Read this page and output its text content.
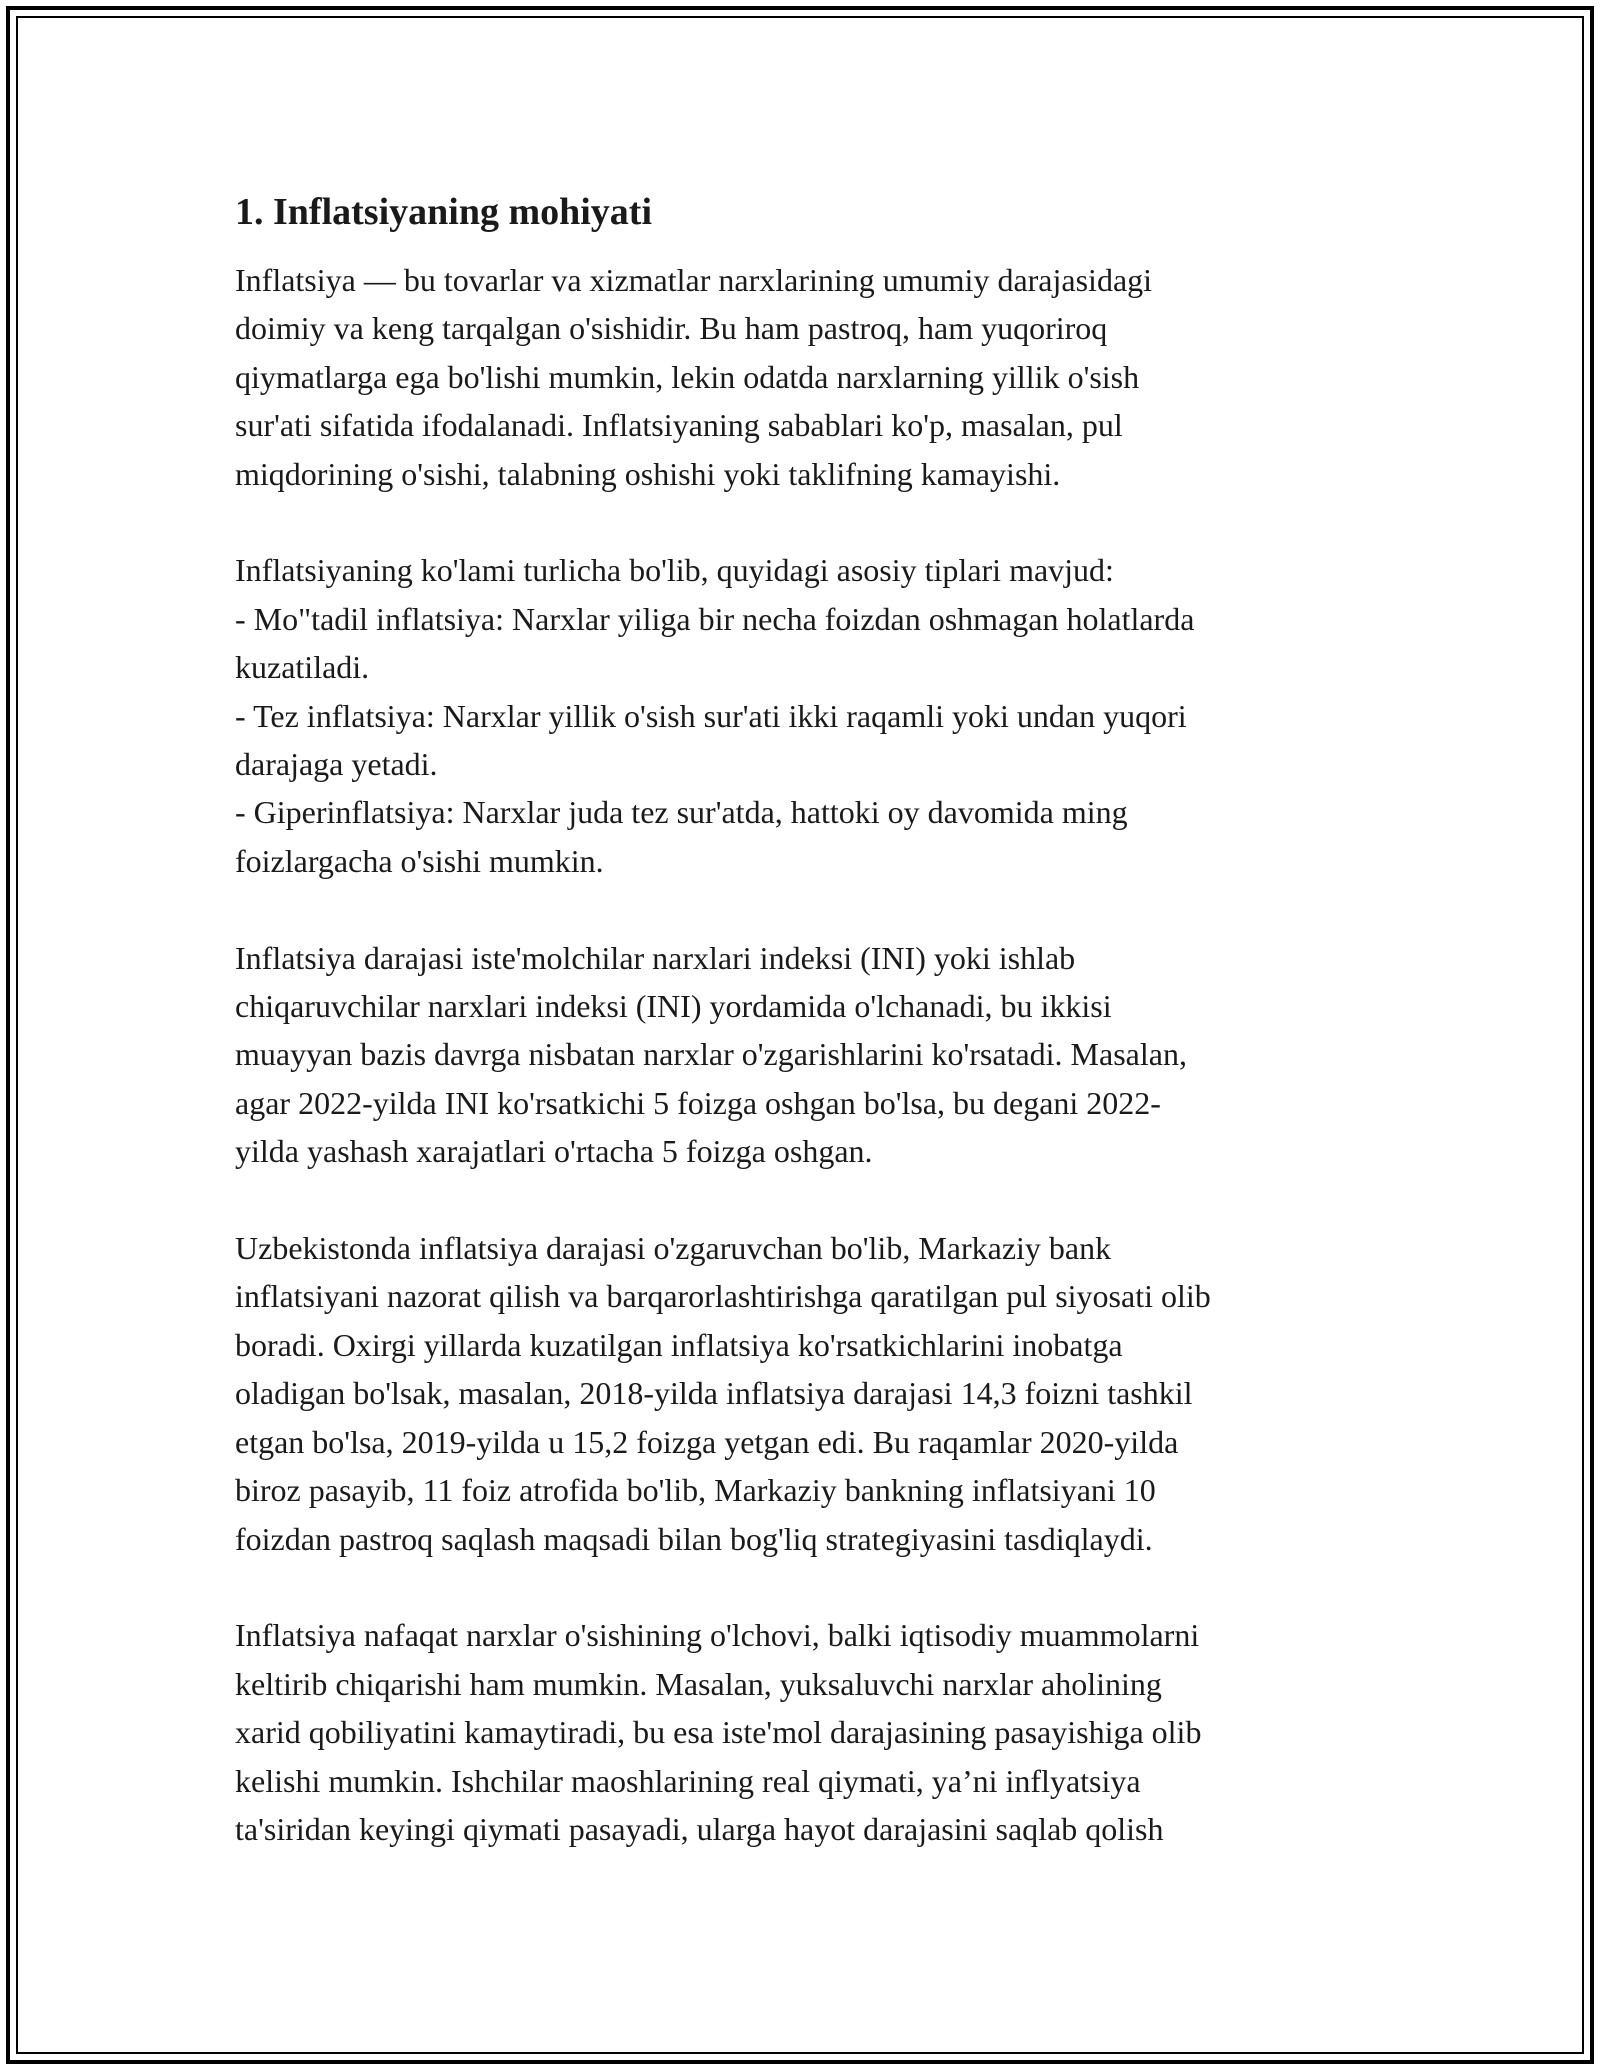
1. Inflatsiyaning mohiyati

Inflatsiya — bu tovarlar va xizmatlar narxlarining umumiy darajasidagi
doimiy va keng tarqalgan o'sishidir. Bu ham pastroq, ham yuqoriroq
qiymatlarga ega bo'lishi mumkin, lekin odatda narxlarning yillik o'sish
sur'ati sifatida ifodalanadi. Inflatsiyaning sabablari ko'p, masalan, pul
miqdorining o'sishi, talabning oshishi yoki taklifning kamayishi.

Inflatsiyaning ko'lami turlicha bo'lib, quyidagi asosiy tiplari mavjud:
- Mo"tadil inflatsiya: Narxlar yiliga bir necha foizdan oshmagan holatlarda
kuzatiladi.
- Tez inflatsiya: Narxlar yillik o'sish sur'ati ikki raqamli yoki undan yuqori
darajaga yetadi.
- Giperinflatsiya: Narxlar juda tez sur'atda, hattoki oy davomida ming
foizlargacha o'sishi mumkin.

Inflatsiya darajasi iste'molchilar narxlari indeksi (INI) yoki ishlab
chiqaruvchilar narxlari indeksi (INI) yordamida o'lchanadi, bu ikkisi
muayyan bazis davrga nisbatan narxlar o'zgarishlarini ko'rsatadi. Masalan,
agar 2022-yilda INI ko'rsatkichi 5 foizga oshgan bo'lsa, bu degani 2022-
yilda yashash xarajatlari o'rtacha 5 foizga oshgan.

Uzbekistonda inflatsiya darajasi o'zgaruvchan bo'lib, Markaziy bank
inflatsiyani nazorat qilish va barqarorlashtirishga qaratilgan pul siyosati olib
boradi. Oxirgi yillarda kuzatilgan inflatsiya ko'rsatkichlarini inobatga
oladigan bo'lsak, masalan, 2018-yilda inflatsiya darajasi 14,3 foizni tashkil
etgan bo'lsa, 2019-yilda u 15,2 foizga yetgan edi. Bu raqamlar 2020-yilda
biroz pasayib, 11 foiz atrofida bo'lib, Markaziy bankning inflatsiyani 10
foizdan pastroq saqlash maqsadi bilan bog'liq strategiyasini tasdiqlaydi.

Inflatsiya nafaqat narxlar o'sishining o'lchovi, balki iqtisodiy muammolarni
keltirib chiqarishi ham mumkin. Masalan, yuksaluvchi narxlar aholining
xarid qobiliyatini kamaytiradi, bu esa iste'mol darajasining pasayishiga olib
kelishi mumkin. Ishchilar maoshlarining real qiymati, ya’ni inflyatsiya
ta'siridan keyingi qiymati pasayadi, ularga hayot darajasini saqlab qolish
